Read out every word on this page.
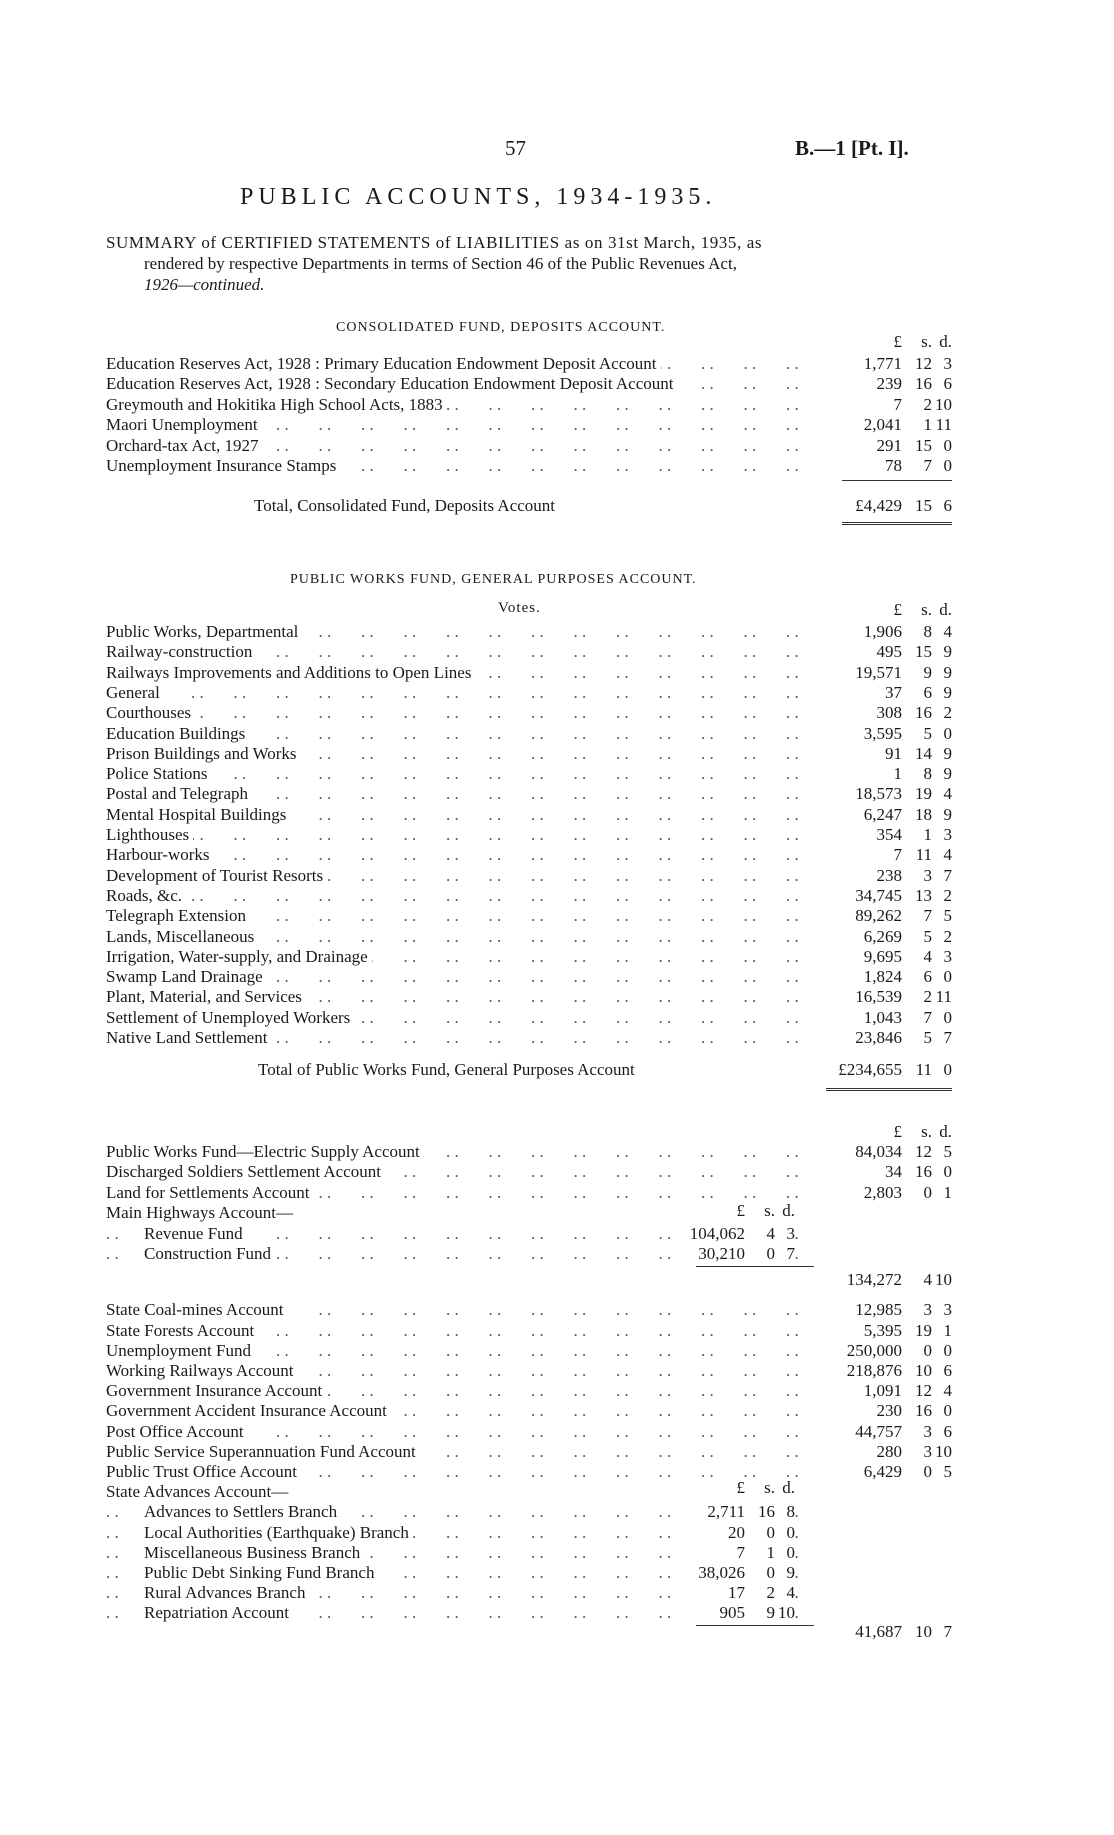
57	B.—1 [Pt. I].
PUBLIC ACCOUNTS, 1934-1935.
SUMMARY of CERTIFIED STATEMENTS of LIABILITIES as on 31st March, 1935, as
rendered by respective Departments in terms of Section 46 of the Public Revenues Act,
1926—continued.
CONSOLIDATED FUND, DEPOSITS ACCOUNT.
£	s. d.
. .
Education Reserves Act, 1928 : Primary Education Endowment Deposit Account	1,771 12 3
. .
Education Reserves Act, 1928 : Secondary Education Endowment Deposit Account	239 16 6
. .
Greymouth and Hokitika High School Acts, 1883	7	2 10
. .
Maori Unemployment	2,041	1 11
. .
Orchard-tax Act, 1927	291 15 0
. .
Unemployment Insurance Stamps	78	7 0
Total, Consolidated Fund, Deposits Account	£4,429 15 6
PUBLIC WORKS FUND, GENERAL PURPOSES ACCOUNT.
Votes.	£	s. d.
. .
Public Works, Departmental	1,906	8 4
. .
Railway-construction	495 15 9
. .
Railways Improvements and Additions to Open Lines	19,571	9 9
. .
General	37	6 9
. .
Courthouses	308 16 2
. .
Education Buildings	3,595	5 0
. .
Prison Buildings and Works	91 14 9
. .
Police Stations	1	8 9
. .
Postal and Telegraph	18,573 19 4
. .
Mental Hospital Buildings	6,247 18 9
. .
Lighthouses	354	1 3
. .
Harbour-works	7 11 4
. .
Development of Tourist Resorts	238	3 7
. .
Roads, &c.	34,745 13 2
. .
Telegraph Extension	89,262	7 5
. .
Lands, Miscellaneous	6,269	5 2
. .
Irrigation, Water-supply, and Drainage	9,695	4 3
. .
Swamp Land Drainage	1,824	6 0
. .
Plant, Material, and Services	16,539	2 11
. .
Settlement of Unemployed Workers	1,043	7 0
. .
Native Land Settlement	23,846	5 7
Total of Public Works Fund, General Purposes Account	£234,655 11 0
£	s. d.
. .
Public Works Fund—Electric Supply Account	84,034 12 5
. .
Discharged Soldiers Settlement Account	34 16 0
. .
Land for Settlements Account	2,803	0 1
Main Highways Account—	£	s. d.
. .
Revenue Fund	104,062	4 3
. .
Construction Fund	30,210	0 7
134,272	4 10
. .
State Coal-mines Account	12,985	3 3
. .
State Forests Account	5,395 19 1
. .
Unemployment Fund	250,000	0 0
. .
Working Railways Account	218,876 10 6
. .
Government Insurance Account	1,091 12 4
. .
Government Accident Insurance Account	230 16 0
. .
Post Office Account	44,757	3 6
. .
Public Service Superannuation Fund Account	280	3 10
. .
Public Trust Office Account	6,429	0 5
State Advances Account—	£	s. d.
. .
Advances to Settlers Branch	2,711 16 8
. .
Local Authorities (Earthquake) Branch	20	0 0
. .
Miscellaneous Business Branch	7	1 0
. .
Public Debt Sinking Fund Branch	38,026	0 9
. .
Rural Advances Branch	17	2 4
. .
Repatriation Account	905	9 10
41,687 10 7
